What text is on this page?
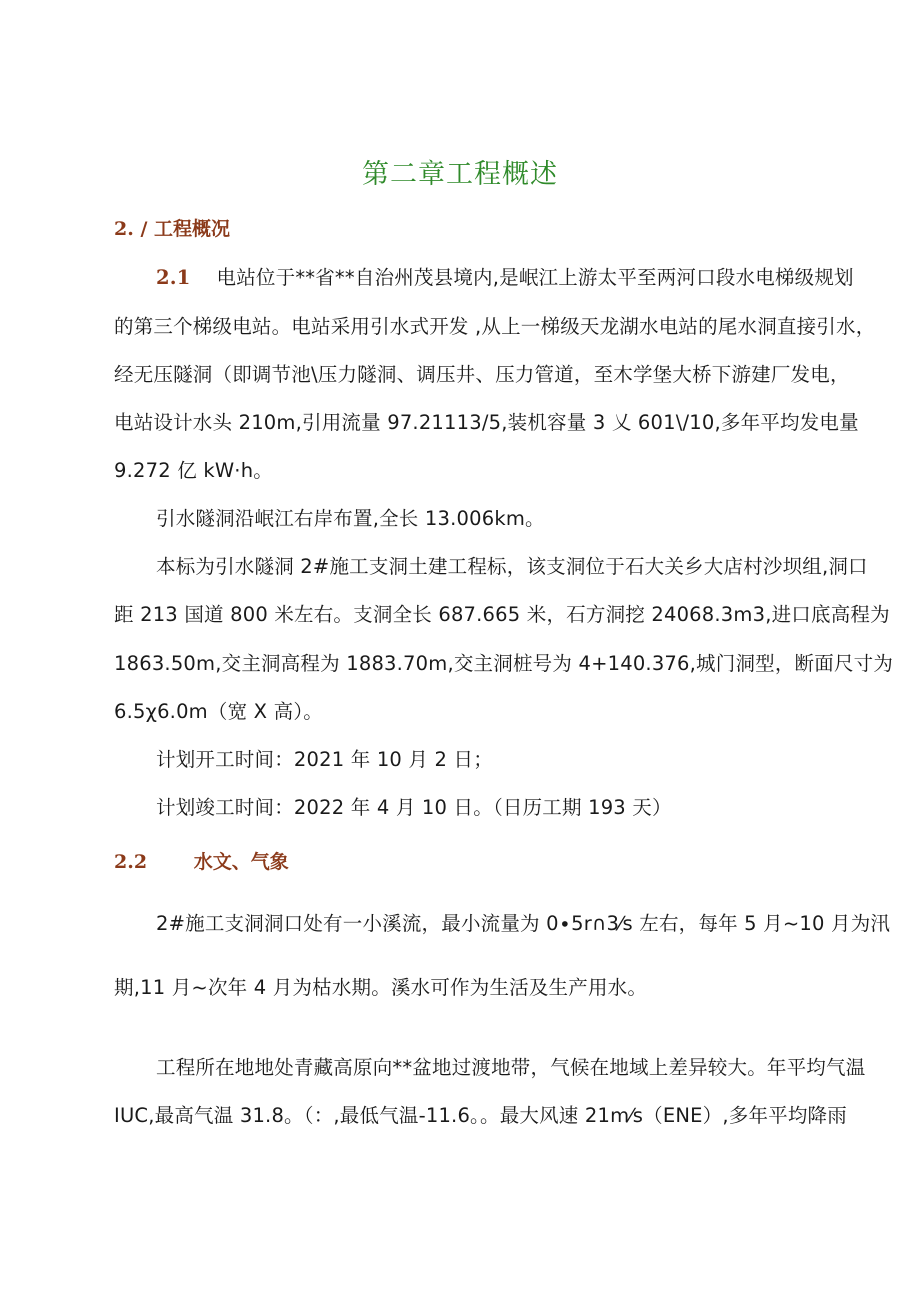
第二章工程概述
2. / 工程概况
2.1 电站位于**省**自治州茂县境内,是岷江上游太平至两河口段水电梯级规划
的第三个梯级电站。电站采用引水式开发 ,从上一梯级天龙湖水电站的尾水洞直接引水，
经无压隧洞（即调节池\压力隧洞、调压井、压力管道，至木学堡大桥下游建厂发电，
电站设计水头 210m,引用流量 97.21113/5,装机容量 3 乂 601\/10,多年平均发电量
9.272 亿 kW·h。
引水隧洞沿岷江右岸布置,全长 13.006km。
本标为引水隧洞 2#施工支洞土建工程标，该支洞位于石大关乡大店村沙坝组,洞口
距 213 国道 800 米左右。支洞全长 687.665 米，石方洞挖 24068.3m3,进口底高程为
1863.50m,交主洞高程为 1883.70m,交主洞桩号为 4+140.376,城门洞型，断面尺寸为
6.5χ6.0m（宽 X 高）。
计划开工时间：2021 年 10 月 2 日；
计划竣工时间：2022 年 4 月 10 日。（日历工期 193 天）
2.2 水文、气象
2#施工支洞洞口处有一小溪流，最小流量为 0∙5r∩3⁄s 左右，每年 5 月~10 月为汛
期,11 月~次年 4 月为枯水期。溪水可作为生活及生产用水。
工程所在地地处青藏高原向**盆地过渡地带，气候在地域上差异较大。年平均气温
IUC,最高气温 31.8。（：,最低气温-11.6。。最大风速 21m⁄s（ENE）,多年平均降雨
